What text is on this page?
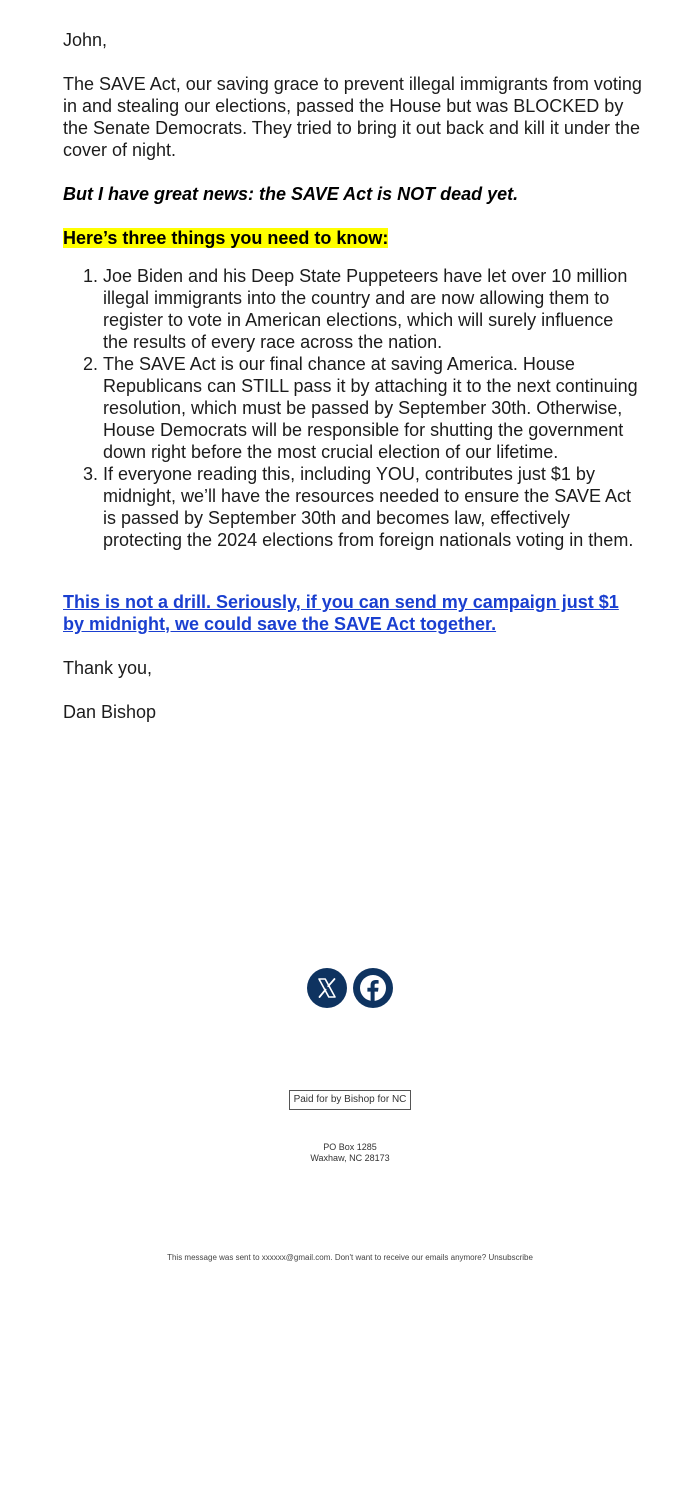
John,

The SAVE Act, our saving grace to prevent illegal immigrants from voting in and stealing our elections, passed the House but was BLOCKED by the Senate Democrats. They tried to bring it out back and kill it under the cover of night.

But I have great news: the SAVE Act is NOT dead yet.

Here’s three things you need to know:

1. Joe Biden and his Deep State Puppeteers have let over 10 million illegal immigrants into the country and are now allowing them to register to vote in American elections, which will surely influence the results of every race across the nation.
2. The SAVE Act is our final chance at saving America. House Republicans can STILL pass it by attaching it to the next continuing resolution, which must be passed by September 30th. Otherwise, House Democrats will be responsible for shutting the government down right before the most crucial election of our lifetime.
3. If everyone reading this, including YOU, contributes just $1 by midnight, we’ll have the resources needed to ensure the SAVE Act is passed by September 30th and becomes law, effectively protecting the 2024 elections from foreign nationals voting in them.
This is not a drill. Seriously, if you can send my campaign just $1 by midnight, we could save the SAVE Act together.

Thank you,

Dan Bishop

Paid for by Bishop for NC
PO Box 1285
Waxhaw, NC 28173
This message was sent to xxxxxx@gmail.com. Don't want to receive our emails anymore? Unsubscribe
